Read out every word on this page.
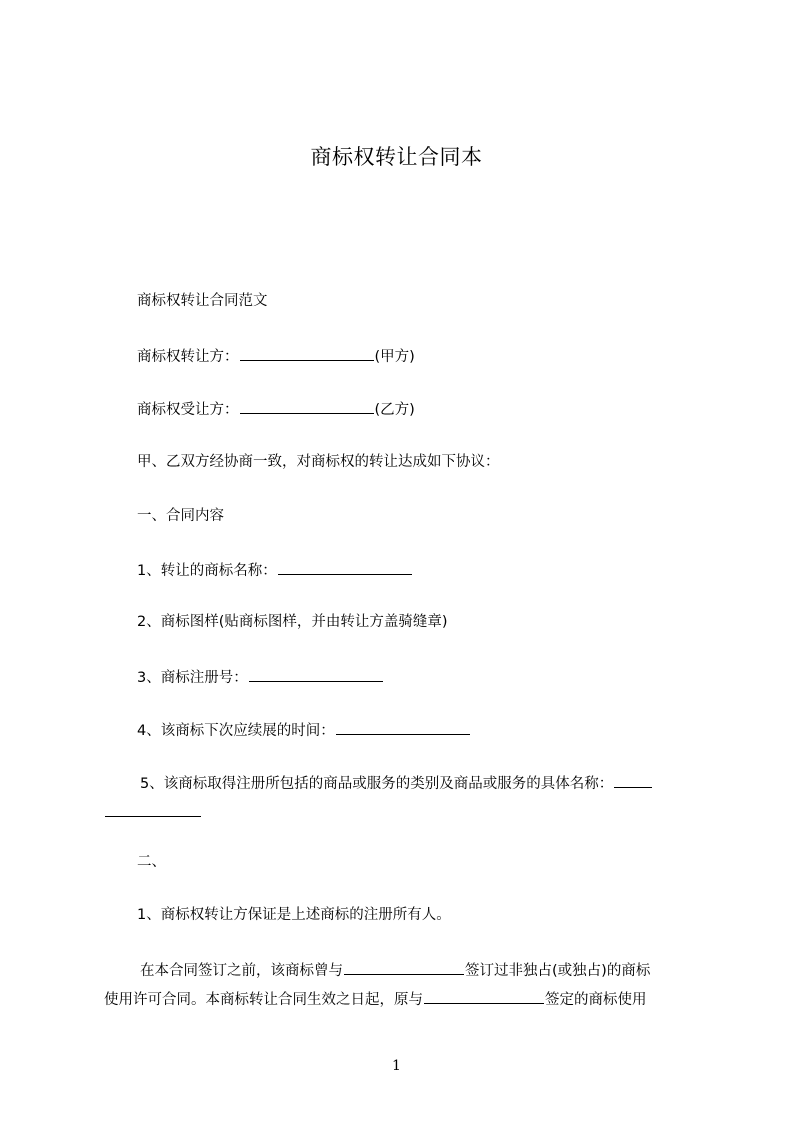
商标权转让合同本
商标权转让合同范文
商标权转让方：	(甲方)
商标权受让方：	(乙方)
甲、乙双方经协商一致，对商标权的转让达成如下协议：
一、合同内容
1、转让的商标名称：
2、商标图样(贴商标图样，并由转让方盖骑缝章)
3、商标注册号：
4、该商标下次应续展的时间：
5、该商标取得注册所包括的商品或服务的类别及商品或服务的具体名称：
二、
1、商标权转让方保证是上述商标的注册所有人。
在本合同签订之前，该商标曾与	签订过非独占(或独占)的商标
使用许可合同。本商标转让合同生效之日起，原与	签定的商标使用
1
